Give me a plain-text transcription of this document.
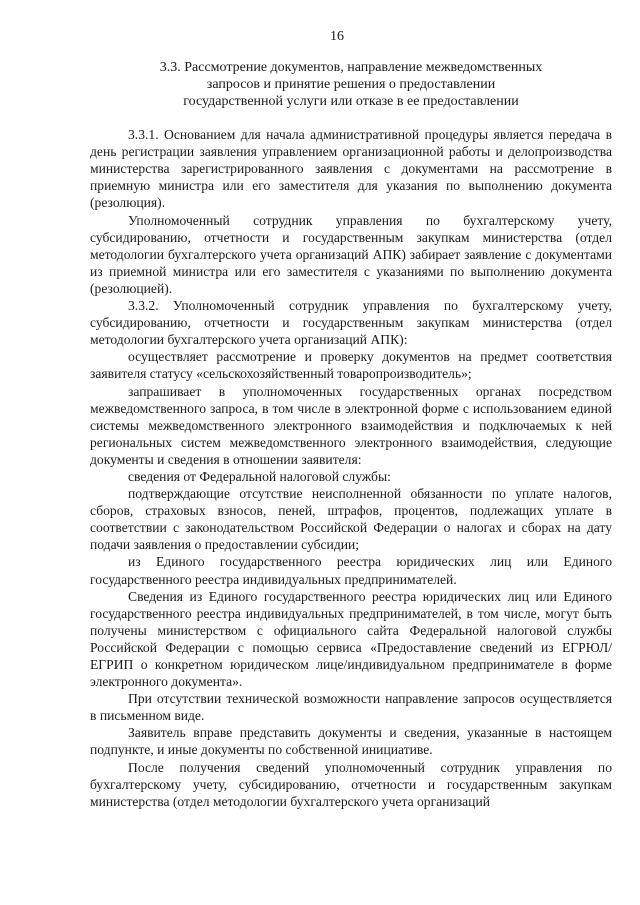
16
3.3. Рассмотрение документов, направление межведомственных
запросов и принятие решения о предоставлении
государственной услуги или отказе в ее предоставлении

3.3.1. Основанием для начала административной процедуры является передача в день регистрации заявления управлением организационной работы и делопроизводства министерства зарегистрированного заявления с документами на рассмотрение в приемную министра или его заместителя для указания по выполнению документа (резолюция).

Уполномоченный сотрудник управления по бухгалтерскому учету, субсидированию, отчетности и государственным закупкам министерства (отдел методологии бухгалтерского учета организаций АПК) забирает заявление с документами из приемной министра или его заместителя с указаниями по выполнению документа (резолюцией).

3.3.2. Уполномоченный сотрудник управления по бухгалтерскому учету, субсидированию, отчетности и государственным закупкам министерства (отдел методологии бухгалтерского учета организаций АПК):

осуществляет рассмотрение и проверку документов на предмет соответствия заявителя статусу «сельскохозяйственный товаропроизводитель»;

запрашивает в уполномоченных государственных органах посредством межведомственного запроса, в том числе в электронной форме с использованием единой системы межведомственного электронного взаимодействия и подключаемых к ней региональных систем межведомственного электронного взаимодействия, следующие документы и сведения в отношении заявителя:

сведения от Федеральной налоговой службы:

подтверждающие отсутствие неисполненной обязанности по уплате налогов, сборов, страховых взносов, пеней, штрафов, процентов, подлежащих уплате в соответствии с законодательством Российской Федерации о налогах и сборах на дату подачи заявления о предоставлении субсидии;

из Единого государственного реестра юридических лиц или Единого государственного реестра индивидуальных предпринимателей.

Сведения из Единого государственного реестра юридических лиц или Единого государственного реестра индивидуальных предпринимателей, в том числе, могут быть получены министерством с официального сайта Федеральной налоговой службы Российской Федерации с помощью сервиса «Предоставление сведений из ЕГРЮЛ/ЕГРИП о конкретном юридическом лице/индивидуальном предпринимателе в форме электронного документа».

При отсутствии технической возможности направление запросов осуществляется в письменном виде.

Заявитель вправе представить документы и сведения, указанные в настоящем подпункте, и иные документы по собственной инициативе.

После получения сведений уполномоченный сотрудник управления по бухгалтерскому учету, субсидированию, отчетности и государственным закупкам министерства (отдел методологии бухгалтерского учета организаций
